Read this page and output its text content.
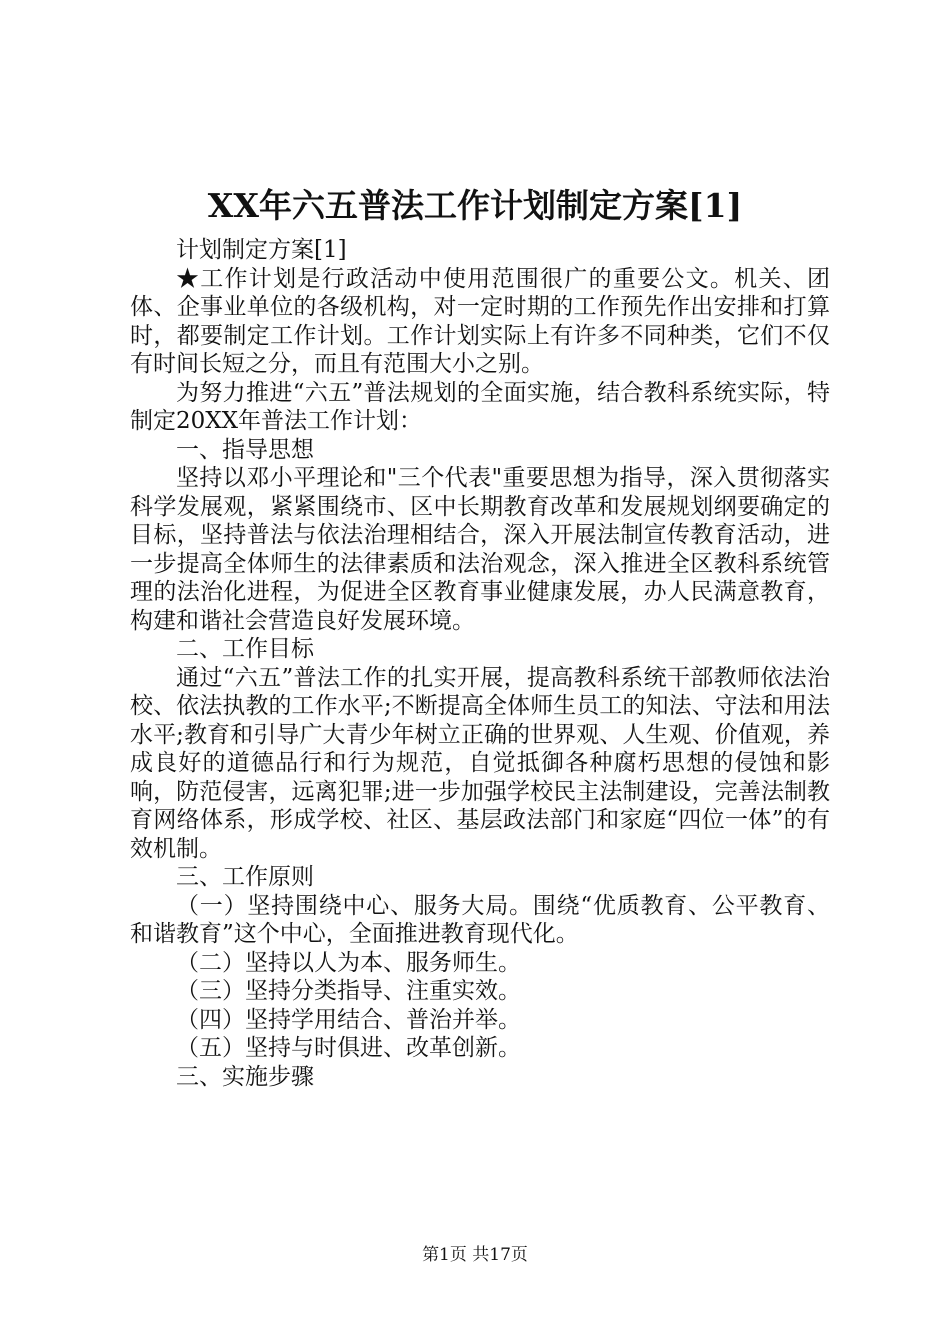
XX年六五普法工作计划制定方案[1]

计划制定方案[1]

★工作计划是行政活动中使用范围很广的重要公文。机关、团体、企事业单位的各级机构，对一定时期的工作预先作出安排和打算时，都要制定工作计划。工作计划实际上有许多不同种类，它们不仅有时间长短之分，而且有范围大小之别。

为努力推进“六五”普法规划的全面实施，结合教科系统实际，特制定20XX年普法工作计划：

一、指导思想

坚持以邓小平理论和"三个代表"重要思想为指导，深入贯彻落实科学发展观，紧紧围绕市、区中长期教育改革和发展规划纲要确定的目标，坚持普法与依法治理相结合，深入开展法制宣传教育活动，进一步提高全体师生的法律素质和法治观念，深入推进全区教科系统管理的法治化进程，为促进全区教育事业健康发展，办人民满意教育，构建和谐社会营造良好发展环境。

二、工作目标

通过“六五”普法工作的扎实开展，提高教科系统干部教师依法治校、依法执教的工作水平;不断提高全体师生员工的知法、守法和用法水平;教育和引导广大青少年树立正确的世界观、人生观、价值观，养成良好的道德品行和行为规范，自觉抵御各种腐朽思想的侵蚀和影响，防范侵害，远离犯罪;进一步加强学校民主法制建设，完善法制教育网络体系，形成学校、社区、基层政法部门和家庭“四位一体”的有效机制。

三、工作原则

（一）坚持围绕中心、服务大局。围绕“优质教育、公平教育、和谐教育”这个中心，全面推进教育现代化。

（二）坚持以人为本、服务师生。

（三）坚持分类指导、注重实效。

（四）坚持学用结合、普治并举。

（五）坚持与时俱进、改革创新。

三、实施步骤

第1页 共17页
